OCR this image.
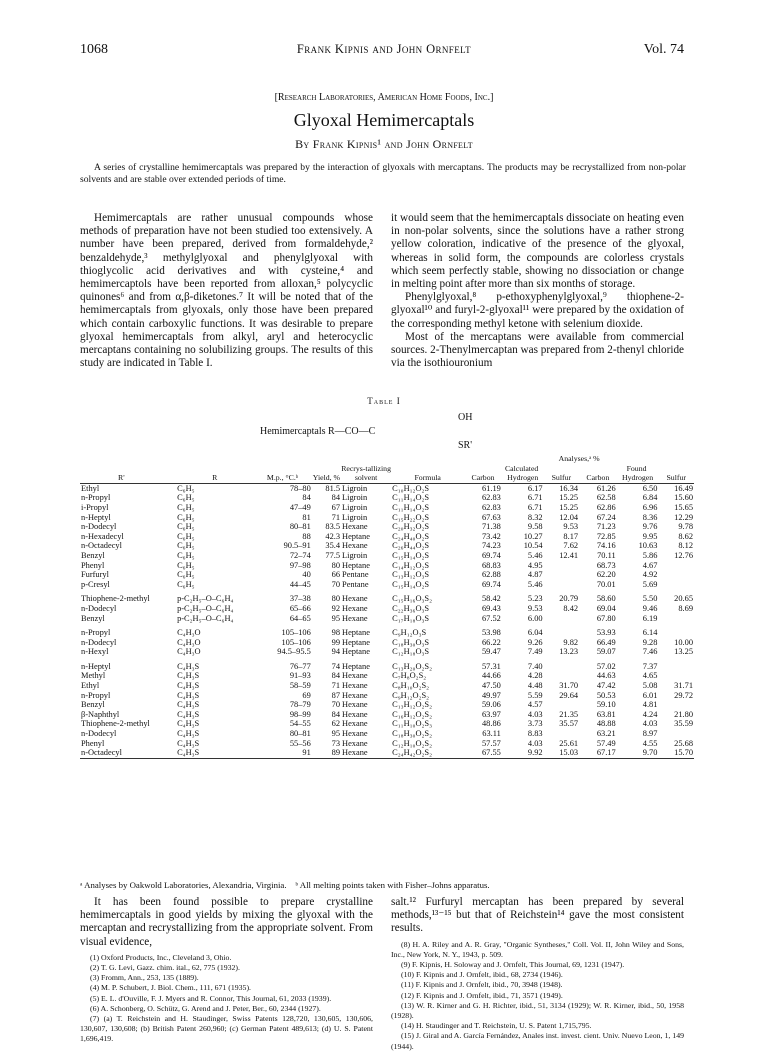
1068	Frank Kipnis and John Ornfelt	Vol. 74
[Research Laboratories, American Home Foods, Inc.]
Glyoxal Hemimercaptals
By Frank Kipnis¹ and John Ornfelt
A series of crystalline hemimercaptals was prepared by the interaction of glyoxals with mercaptans. The products may be recrystallized from non-polar solvents and are stable over extended periods of time.

Hemimercaptals are rather unusual compounds whose methods of preparation have not been studied too extensively. A number have been prepared, derived from formaldehyde,² benzaldehyde,³ methylglyoxal and phenylglyoxal with thioglycolic acid derivatives and with cysteine,⁴ and hemimercaptols have been reported from alloxan,⁵ polycyclic quinones⁶ and from α,β-diketones.⁷ It will be noted that of the hemimercaptals from glyoxals, only those have been prepared which contain carboxylic functions. It was desirable to prepare glyoxal hemimercaptals from alkyl, aryl and heterocyclic mercaptans containing no solubilizing groups. The results of this study are indicated in Table I.

it would seem that the hemimercaptals dissociate on heating even in non-polar solvents, since the solutions have a rather strong yellow coloration, indicative of the presence of the glyoxal, whereas in solid form, the compounds are colorless crystals which seem perfectly stable, showing no dissociation or change in melting point after more than six months of storage.

Phenylglyoxal,⁸ p-ethoxyphenylglyoxal,⁹ thiophene-2-glyoxal¹⁰ and furyl-2-glyoxal¹¹ were prepared by the oxidation of the corresponding methyl ketone with selenium dioxide.

Most of the mercaptans were available from commercial sources. 2-Thenylmercaptan was prepared from 2-thenyl chloride via the isothiouronium

Table I
OH
Hemimercaptals R—CO—C
SR'
R'	R	M.p., °C.ᵇ	Yield, %	Recrys-tallizing solvent	Formula	Analyses,ᵃ %					
						Calculated			Found		
						Carbon	Hydrogen	Sulfur	Carbon	Hydrogen	Sulfur
Ethyl	C₆H₅	78–80	81.5	Ligroin	C₁₀H₁₂O₂S	61.19	6.17	16.34	61.26	6.50	16.49
n-Propyl	C₆H₅	84	84	Ligroin	C₁₁H₁₄O₂S	62.83	6.71	15.25	62.58	6.84	15.60
i-Propyl	C₆H₅	47–49	67	Ligroin	C₁₁H₁₄O₂S	62.83	6.71	15.25	62.86	6.96	15.65
n-Heptyl	C₆H₅	81	71	Ligroin	C₁₅H₂₂O₂S	67.63	8.32	12.04	67.24	8.36	12.29
n-Dodecyl	C₆H₅	80–81	83.5	Hexane	C₂₀H₃₂O₂S	71.38	9.58	9.53	71.23	9.76	9.78
n-Hexadecyl	C₆H₅	88	42.3	Heptane	C₂₄H₄₀O₂S	73.42	10.27	8.17	72.85	9.95	8.62
n-Octadecyl	C₆H₅	90.5–91	35.4	Hexane	C₂₆H₄₄O₂S	74.23	10.54	7.62	74.16	10.63	8.12
Benzyl	C₆H₅	72–74	77.5	Ligroin	C₁₅H₁₄O₂S	69.74	5.46	12.41	70.11	5.86	12.76
Phenyl	C₆H₅	97–98	80	Heptane	C₁₄H₁₂O₂S	68.83	4.95		68.73	4.67	
Furfuryl	C₆H₅	40	66	Pentane	C₁₃H₁₂O₃S	62.88	4.87		62.20	4.92	
p-Cresyl	C₆H₅	44–45	70	Pentane	C₁₅H₁₄O₂S	69.74	5.46		70.01	5.69	
Thiophene-2-methyl	p-C₂H₅–O–C₆H₄	37–38	80	Hexane	C₁₅H₁₆O₃S₂	58.42	5.23	20.79	58.60	5.50	20.65
n-Dodecyl	p-C₂H₅–O–C₆H₄	65–66	92	Hexane	C₂₂H₃₆O₃S	69.43	9.53	8.42	69.04	9.46	8.69
Benzyl	p-C₂H₅–O–C₆H₄	64–65	95	Hexane	C₁₇H₁₈O₃S	67.52	6.00		67.80	6.19	
n-Propyl	C₄H₃O	105–106	98	Heptane	C₉H₁₂O₃S	53.98	6.04		53.93	6.14	
n-Dodecyl	C₄H₃O	105–106	99	Heptane	C₁₈H₃₀O₃S	66.22	9.26	9.82	66.49	9.28	10.00
n-Hexyl	C₄H₃O	94.5–95.5	94	Heptane	C₁₂H₁₈O₃S	59.47	7.49	13.23	59.07	7.46	13.25
n-Heptyl	C₄H₃S	76–77	74	Heptane	C₁₃H₂₀O₂S₂	57.31	7.40		57.02	7.37	
Methyl	C₄H₃S	91–93	84	Hexane	C₇H₈O₂S₂	44.66	4.28		44.63	4.65	
Ethyl	C₄H₃S	58–59	71	Hexane	C₈H₁₀O₂S₂	47.50	4.48	31.70	47.42	5.08	31.71
n-Propyl	C₄H₃S	69	87	Hexane	C₉H₁₂O₂S₂	49.97	5.59	29.64	50.53	6.01	29.72
Benzyl	C₄H₃S	78–79	70	Hexane	C₁₃H₁₂O₂S₂	59.06	4.57		59.10	4.81	
β-Naphthyl	C₄H₃S	98–99	84	Hexane	C₁₆H₁₂O₂S₂	63.97	4.03	21.35	63.81	4.24	21.80
Thiophene-2-methyl	C₄H₃S	54–55	62	Hexane	C₁₁H₁₀O₂S₃	48.86	3.73	35.57	48.88	4.03	35.59
n-Dodecyl	C₄H₃S	80–81	95	Hexane	C₁₈H₃₀O₂S₂	63.11	8.83		63.21	8.97	
Phenyl	C₄H₃S	55–56	73	Hexane	C₁₂H₁₀O₂S₂	57.57	4.03	25.61	57.49	4.55	25.68
n-Octadecyl	C₄H₃S	91	89	Hexane	C₂₄H₄₂O₂S₂	67.55	9.92	15.03	67.17	9.70	15.70
ᵃ Analyses by Oakwold Laboratories, Alexandria, Virginia. ᵇ All melting points taken with Fisher–Johns apparatus.
It has been found possible to prepare crystalline hemimercaptals in good yields by mixing the glyoxal with the mercaptan and recrystallizing from the appropriate solvent. From visual evidence,
(1) Oxford Products, Inc., Cleveland 3, Ohio.
(2) T. G. Levi, Gazz. chim. ital., 62, 775 (1932).
(3) Fromm, Ann., 253, 135 (1889).
(4) M. P. Schubert, J. Biol. Chem., 111, 671 (1935).
(5) E. L. d'Ouville, F. J. Myers and R. Connor, This Journal, 61, 2033 (1939).
(6) A. Schonberg, O. Schütz, G. Arend and J. Peter, Ber., 60, 2344 (1927).
(7) (a) T. Reichstein and H. Staudinger, Swiss Patents 128,720, 130,605, 130,606, 130,607, 130,608; (b) British Patent 260,960; (c) German Patent 489,613; (d) U. S. Patent 1,696,419.
salt.¹² Furfuryl mercaptan has been prepared by several methods,¹³⁻¹⁵ but that of Reichstein¹⁴ gave the most consistent results.
(8) H. A. Riley and A. R. Gray, "Organic Syntheses," Coll. Vol. II, John Wiley and Sons, Inc., New York, N. Y., 1943, p. 509.
(9) F. Kipnis, H. Soloway and J. Ornfelt, This Journal, 69, 1231 (1947).
(10) F. Kipnis and J. Ornfelt, ibid., 68, 2734 (1946).
(11) F. Kipnis and J. Ornfelt, ibid., 70, 3948 (1948).
(12) F. Kipnis and J. Ornfelt, ibid., 71, 3571 (1949).
(13) W. R. Kirner and G. H. Richter, ibid., 51, 3134 (1929); W. R. Kirner, ibid., 50, 1958 (1928).
(14) H. Staudinger and T. Reichstein, U. S. Patent 1,715,795.
(15) J. Giral and A. García Fernández, Anales inst. invest. cient. Univ. Nuevo Leon, 1, 149 (1944).
